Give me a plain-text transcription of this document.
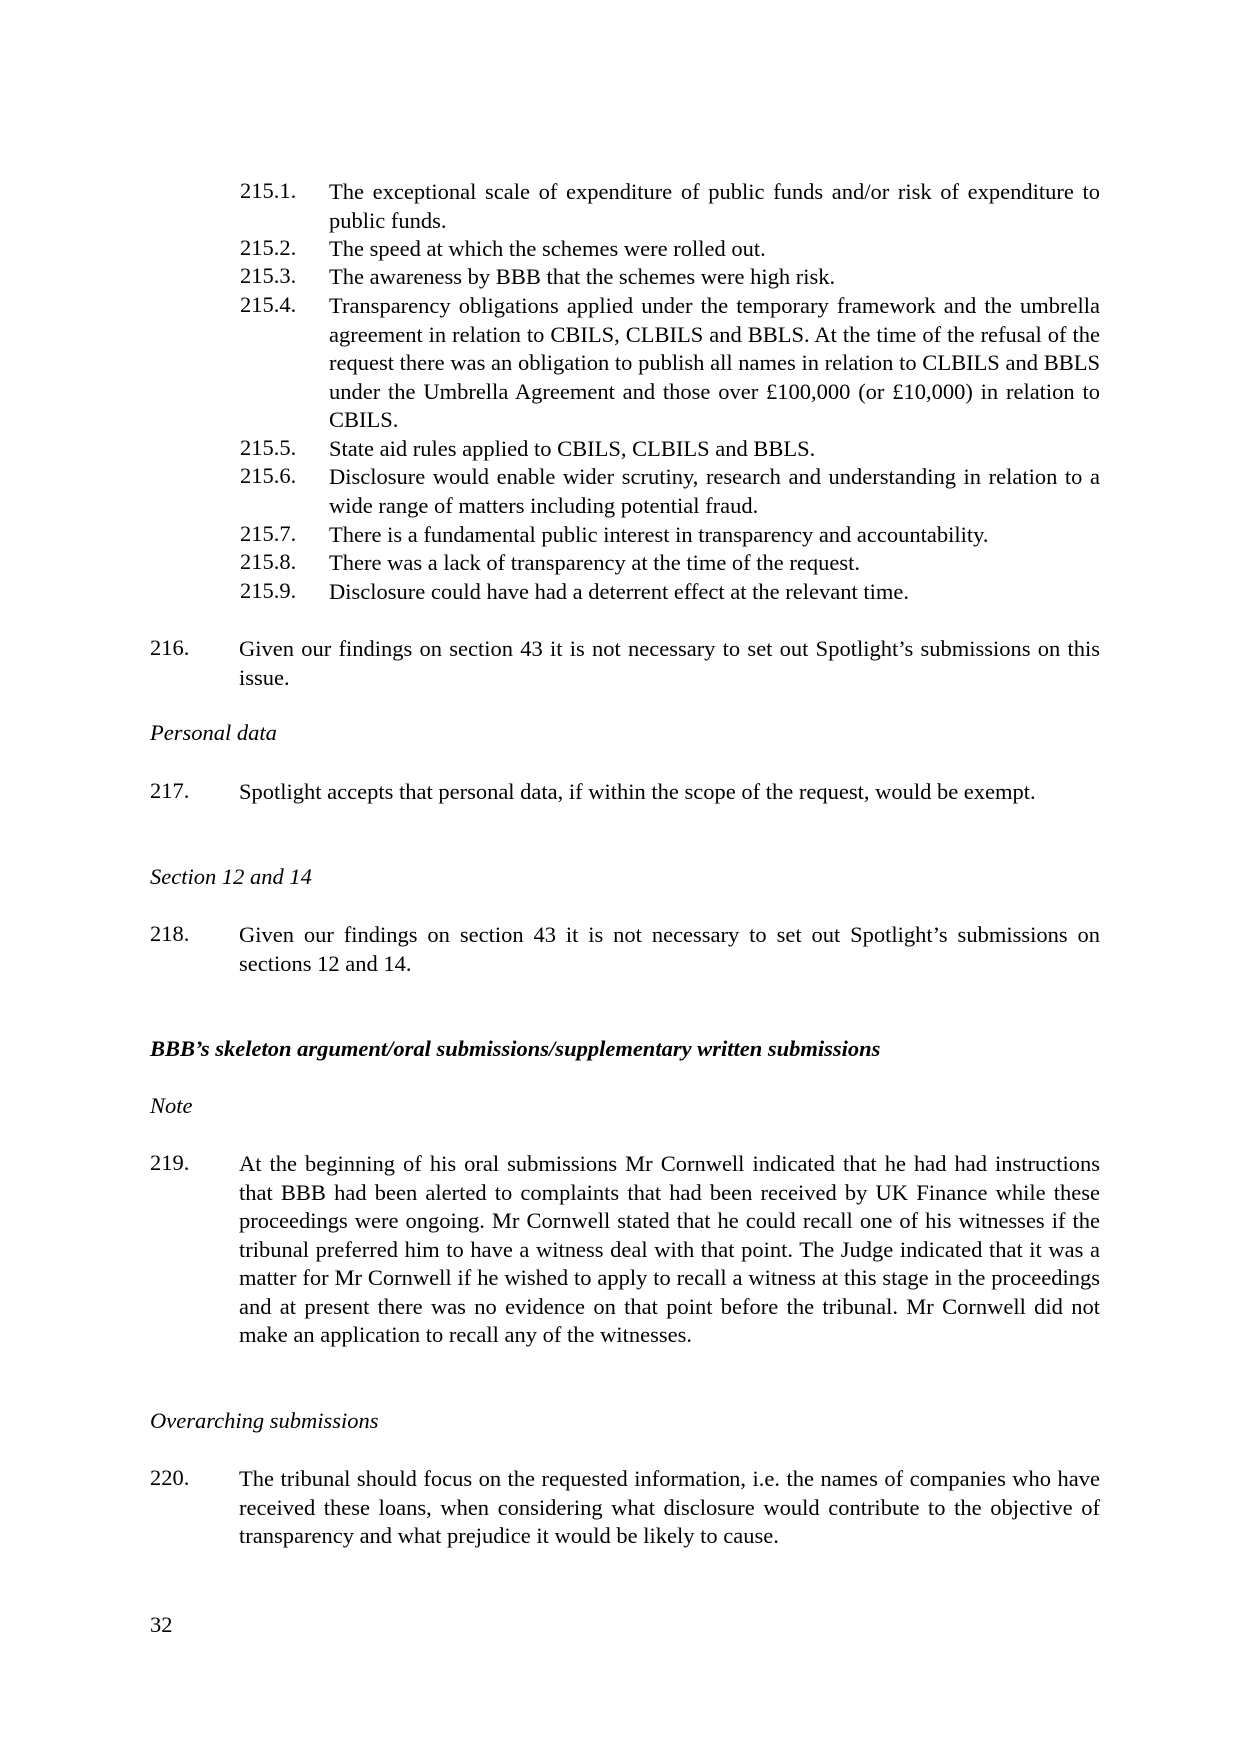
215.1. The exceptional scale of expenditure of public funds and/or risk of expenditure to public funds.
215.2. The speed at which the schemes were rolled out.
215.3. The awareness by BBB that the schemes were high risk.
215.4. Transparency obligations applied under the temporary framework and the umbrella agreement in relation to CBILS, CLBILS and BBLS. At the time of the refusal of the request there was an obligation to publish all names in relation to CLBILS and BBLS under the Umbrella Agreement and those over £100,000 (or £10,000) in relation to CBILS.
215.5. State aid rules applied to CBILS, CLBILS and BBLS.
215.6. Disclosure would enable wider scrutiny, research and understanding in relation to a wide range of matters including potential fraud.
215.7. There is a fundamental public interest in transparency and accountability.
215.8. There was a lack of transparency at the time of the request.
215.9. Disclosure could have had a deterrent effect at the relevant time.
216. Given our findings on section 43 it is not necessary to set out Spotlight’s submissions on this issue.
Personal data
217. Spotlight accepts that personal data, if within the scope of the request, would be exempt.
Section 12 and 14
218. Given our findings on section 43 it is not necessary to set out Spotlight’s submissions on sections 12 and 14.
BBB’s skeleton argument/oral submissions/supplementary written submissions
Note
219. At the beginning of his oral submissions Mr Cornwell indicated that he had had instructions that BBB had been alerted to complaints that had been received by UK Finance while these proceedings were ongoing. Mr Cornwell stated that he could recall one of his witnesses if the tribunal preferred him to have a witness deal with that point. The Judge indicated that it was a matter for Mr Cornwell if he wished to apply to recall a witness at this stage in the proceedings and at present there was no evidence on that point before the tribunal. Mr Cornwell did not make an application to recall any of the witnesses.
Overarching submissions
220. The tribunal should focus on the requested information, i.e. the names of companies who have received these loans, when considering what disclosure would contribute to the objective of transparency and what prejudice it would be likely to cause.
32
